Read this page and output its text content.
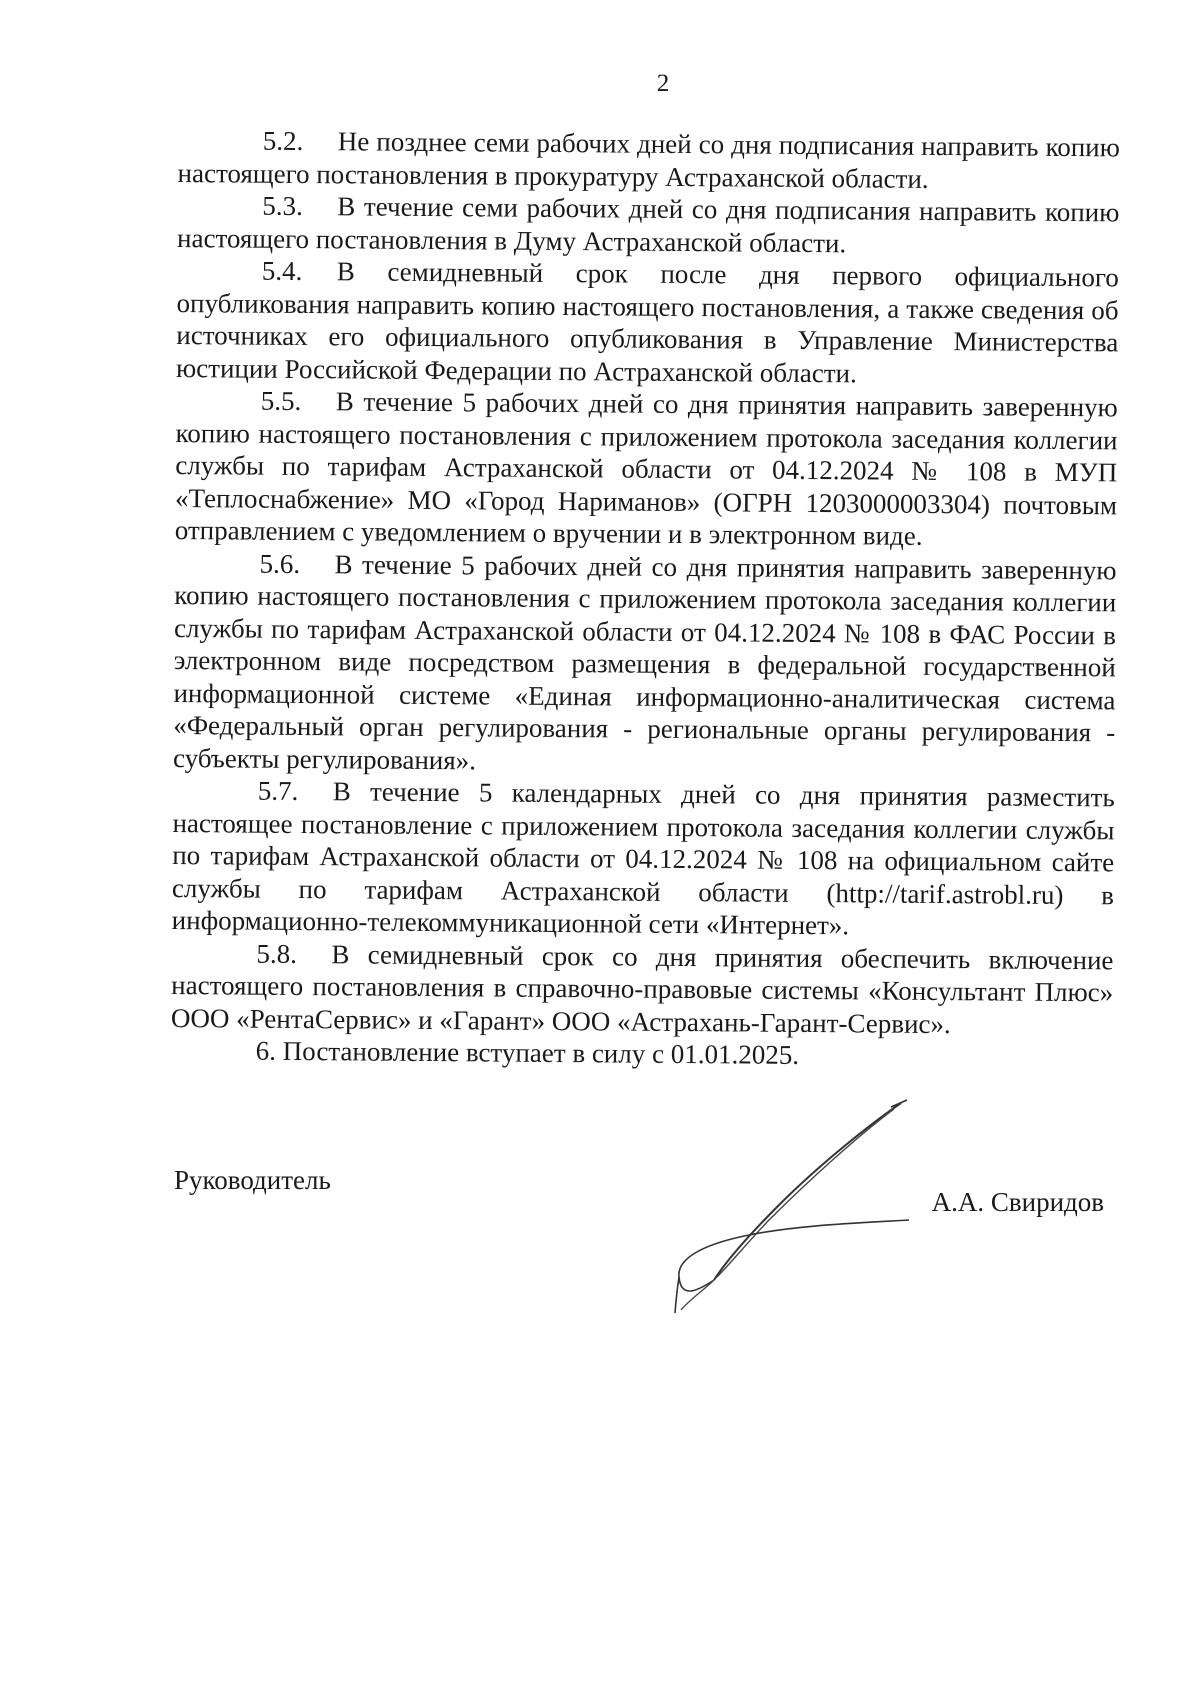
2

5.2. Не позднее семи рабочих дней со дня подписания направить копию настоящего постановления в прокуратуру Астраханской области.

5.3. В течение семи рабочих дней со дня подписания направить копию настоящего постановления в Думу Астраханской области.

5.4. В семидневный срок после дня первого официального опубликования направить копию настоящего постановления, а также сведения об источниках его официального опубликования в Управление Министерства юстиции Российской Федерации по Астраханской области.

5.5. В течение 5 рабочих дней со дня принятия направить заверенную копию настоящего постановления с приложением протокола заседания коллегии службы по тарифам Астраханской области от 04.12.2024 № 108 в МУП «Теплоснабжение» МО «Город Нариманов» (ОГРН 1203000003304) почтовым отправлением с уведомлением о вручении и в электронном виде.

5.6. В течение 5 рабочих дней со дня принятия направить заверенную копию настоящего постановления с приложением протокола заседания коллегии службы по тарифам Астраханской области от 04.12.2024 № 108 в ФАС России в электронном виде посредством размещения в федеральной государственной информационной системе «Единая информационно-аналитическая система «Федеральный орган регулирования - региональные органы регулирования - субъекты регулирования».

5.7. В течение 5 календарных дней со дня принятия разместить настоящее постановление с приложением протокола заседания коллегии службы по тарифам Астраханской области от 04.12.2024 № 108 на официальном сайте службы по тарифам Астраханской области (http://tarif.astrobl.ru) в информационно-телекоммуникационной сети «Интернет».

5.8. В семидневный срок со дня принятия обеспечить включение настоящего постановления в справочно-правовые системы «Консультант Плюс» ООО «РентаСервис» и «Гарант» ООО «Астрахань-Гарант-Сервис».

6. Постановление вступает в силу с 01.01.2025.

Руководитель
А.А. Свиридов
